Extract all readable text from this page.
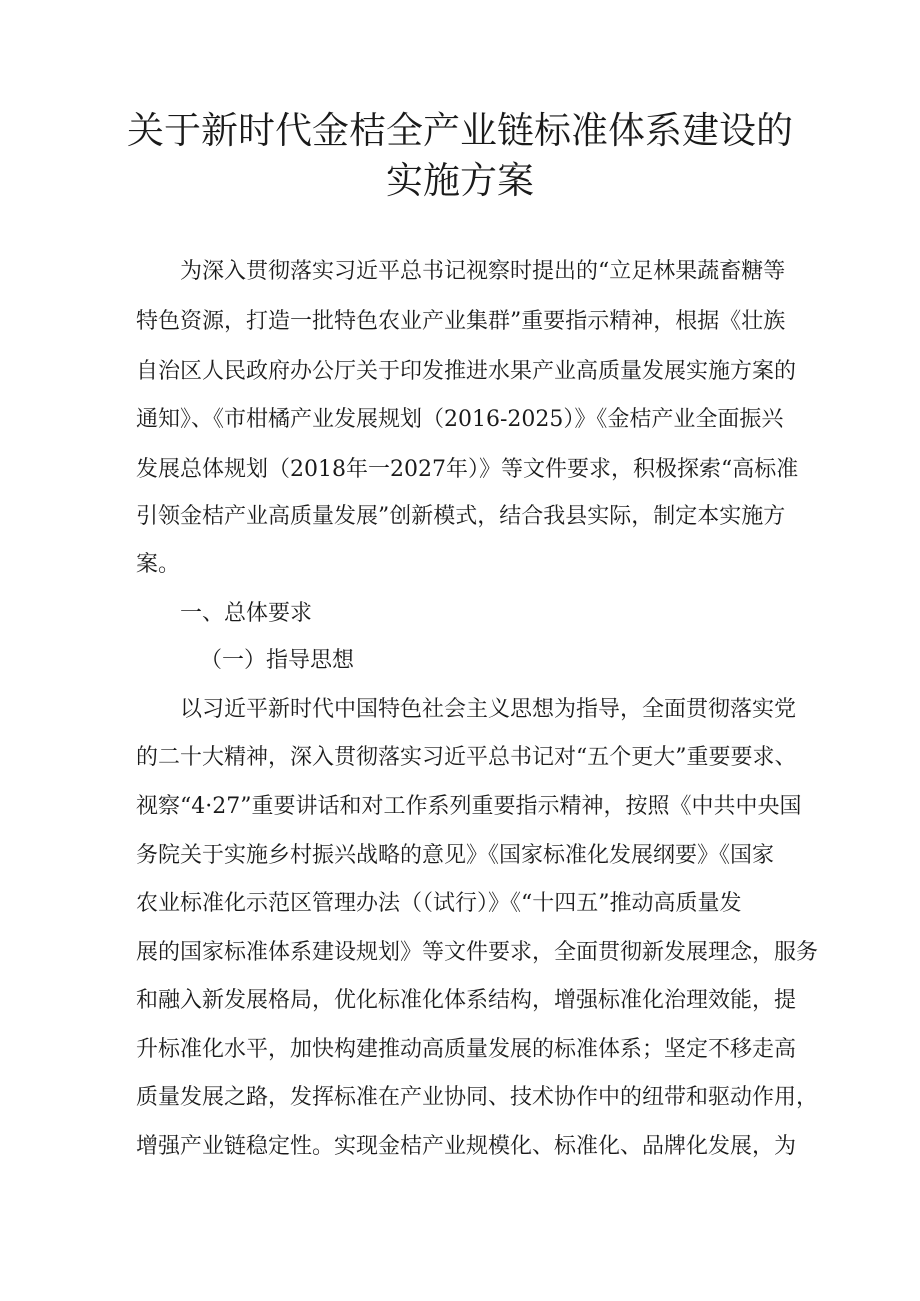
关于新时代金桔全产业链标准体系建设的
实施方案

为深入贯彻落实习近平总书记视察时提出的“立足林果蔬畜糖等

特色资源，打造一批特色农业产业集群”重要指示精神，根据《壮族

自治区人民政府办公厅关于印发推进水果产业高质量发展实施方案的

通知》、《市柑橘产业发展规划（2016-2025）》《金桔产业全面振兴

发展总体规划（2018年一2027年）》等文件要求，积极探索“高标准

引领金桔产业高质量发展”创新模式，结合我县实际，制定本实施方

案。

一、总体要求

（一）指导思想

以习近平新时代中国特色社会主义思想为指导，全面贯彻落实党

的二十大精神，深入贯彻落实习近平总书记对“五个更大”重要要求、

视察“4·27”重要讲话和对工作系列重要指示精神，按照《中共中央国

务院关于实施乡村振兴战略的意见》《国家标准化发展纲要》《国家

农业标准化示范区管理办法（（试行）》《“十四五”推动高质量发

展的国家标准体系建设规划》等文件要求，全面贯彻新发展理念，服务

和融入新发展格局，优化标准化体系结构，增强标准化治理效能，提

升标准化水平，加快构建推动高质量发展的标准体系；坚定不移走高

质量发展之路，发挥标准在产业协同、技术协作中的纽带和驱动作用，

增强产业链稳定性。实现金桔产业规模化、标准化、品牌化发展，为
